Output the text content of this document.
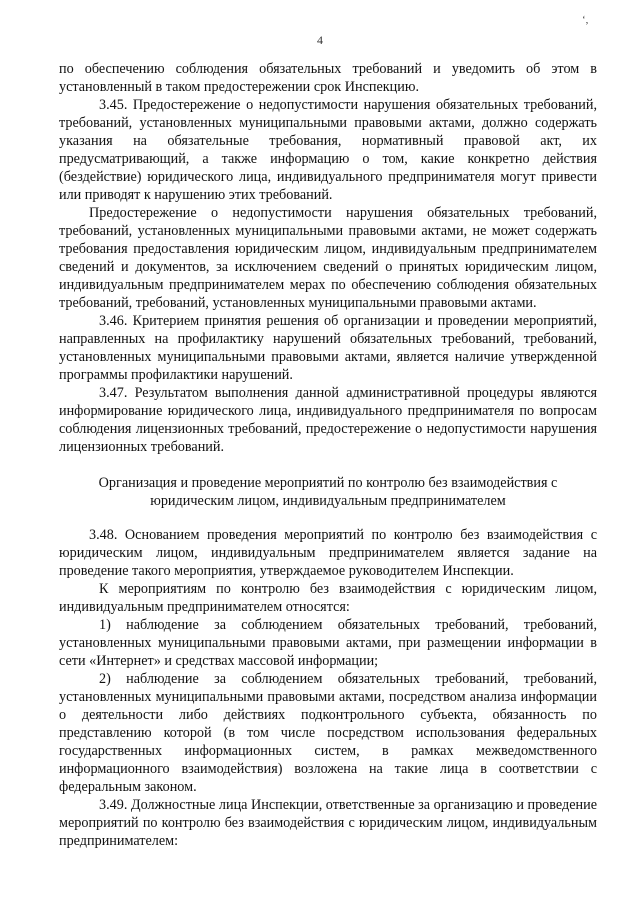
ʻ,
4

по обеспечению соблюдения обязательных требований и уведомить об этом в установленный в таком предостережении срок Инспекцию.

3.45. Предостережение о недопустимости нарушения обязательных требований, требований, установленных муниципальными правовыми актами, должно содержать указания на обязательные требования, нормативный правовой акт, их предусматривающий, а также информацию о том, какие конкретно действия (бездействие) юридического лица, индивидуального предпринимателя могут привести или приводят к нарушению этих требований.

Предостережение о недопустимости нарушения обязательных требований, требований, установленных муниципальными правовыми актами, не может содержать требования предоставления юридическим лицом, индивидуальным предпринимателем сведений и документов, за исключением сведений о принятых юридическим лицом, индивидуальным предпринимателем мерах по обеспечению соблюдения обязательных требований, требований, установленных муниципальными правовыми актами.

3.46. Критерием принятия решения об организации и проведении мероприятий, направленных на профилактику нарушений обязательных требований, требований, установленных муниципальными правовыми актами, является наличие утвержденной программы профилактики нарушений.

3.47. Результатом выполнения данной административной процедуры являются информирование юридического лица, индивидуального предпринимателя по вопросам соблюдения лицензионных требований, предостережение о недопустимости нарушения лицензионных требований.

Организация и проведение мероприятий по контролю без взаимодействия с юридическим лицом, индивидуальным предпринимателем

3.48. Основанием проведения мероприятий по контролю без взаимодействия с юридическим лицом, индивидуальным предпринимателем является задание на проведение такого мероприятия, утверждаемое руководителем Инспекции.

К мероприятиям по контролю без взаимодействия с юридическим лицом, индивидуальным предпринимателем относятся:

1) наблюдение за соблюдением обязательных требований, требований, установленных муниципальными правовыми актами, при размещении информации в сети «Интернет» и средствах массовой информации;

2) наблюдение за соблюдением обязательных требований, требований, установленных муниципальными правовыми актами, посредством анализа информации о деятельности либо действиях подконтрольного субъекта, обязанность по представлению которой (в том числе посредством использования федеральных государственных информационных систем, в рамках межведомственного информационного взаимодействия) возложена на такие лица в соответствии с федеральным законом.

3.49. Должностные лица Инспекции, ответственные за организацию и проведение мероприятий по контролю без взаимодействия с юридическим лицом, индивидуальным предпринимателем:
